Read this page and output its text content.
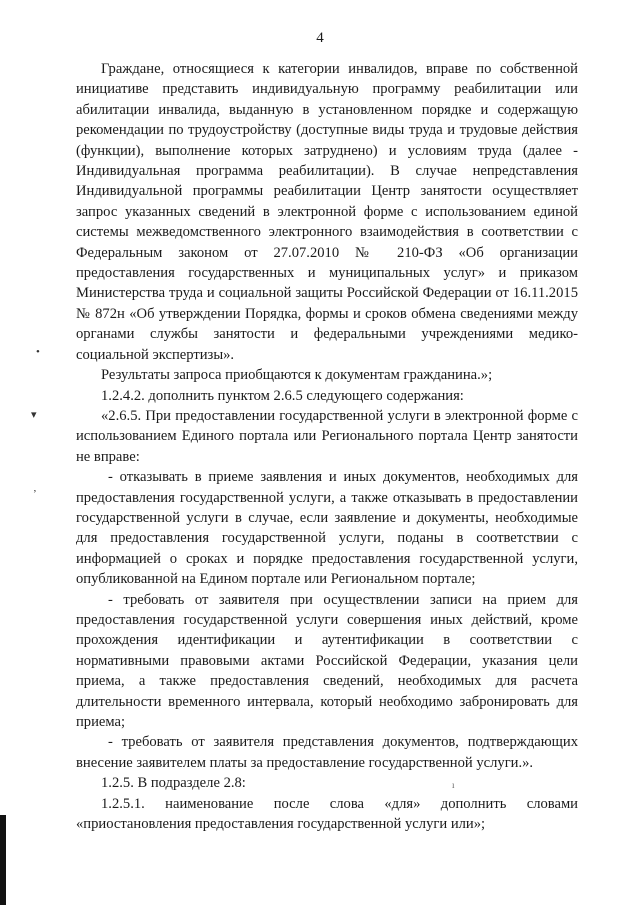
4
•
▾
ʼ
ı

Граждане, относящиеся к категории инвалидов, вправе по собственной инициативе представить индивидуальную программу реабилитации или абилитации инвалида, выданную в установленном порядке и содержащую рекомендации по трудоустройству (доступные виды труда и трудовые действия (функции), выполнение которых затруднено) и условиям труда (далее - Индивидуальная программа реабилитации). В случае непредставления Индивидуальной программы реабилитации Центр занятости осуществляет запрос указанных сведений в электронной форме с использованием единой системы межведомственного электронного взаимодействия в соответствии с Федеральным законом от 27.07.2010 № 210-ФЗ «Об организации предоставления государственных и муниципальных услуг» и приказом Министерства труда и социальной защиты Российской Федерации от 16.11.2015 № 872н «Об утверждении Порядка, формы и сроков обмена сведениями между органами службы занятости и федеральными учреждениями медико-социальной экспертизы».

Результаты запроса приобщаются к документам гражданина.»;

1.2.4.2. дополнить пунктом 2.6.5 следующего содержания:

«2.6.5. При предоставлении государственной услуги в электронной форме с использованием Единого портала или Регионального портала Центр занятости не вправе:

- отказывать в приеме заявления и иных документов, необходимых для предоставления государственной услуги, а также отказывать в предоставлении государственной услуги в случае, если заявление и документы, необходимые для предоставления государственной услуги, поданы в соответствии с информацией о сроках и порядке предоставления государственной услуги, опубликованной на Едином портале или Региональном портале;

- требовать от заявителя при осуществлении записи на прием для предоставления государственной услуги совершения иных действий, кроме прохождения идентификации и аутентификации в соответствии с нормативными правовыми актами Российской Федерации, указания цели приема, а также предоставления сведений, необходимых для расчета длительности временного интервала, который необходимо забронировать для приема;

- требовать от заявителя представления документов, подтверждающих внесение заявителем платы за предоставление государственной услуги.».

1.2.5. В подразделе 2.8:

1.2.5.1. наименование после слова «для» дополнить словами «приостановления предоставления государственной услуги или»;
